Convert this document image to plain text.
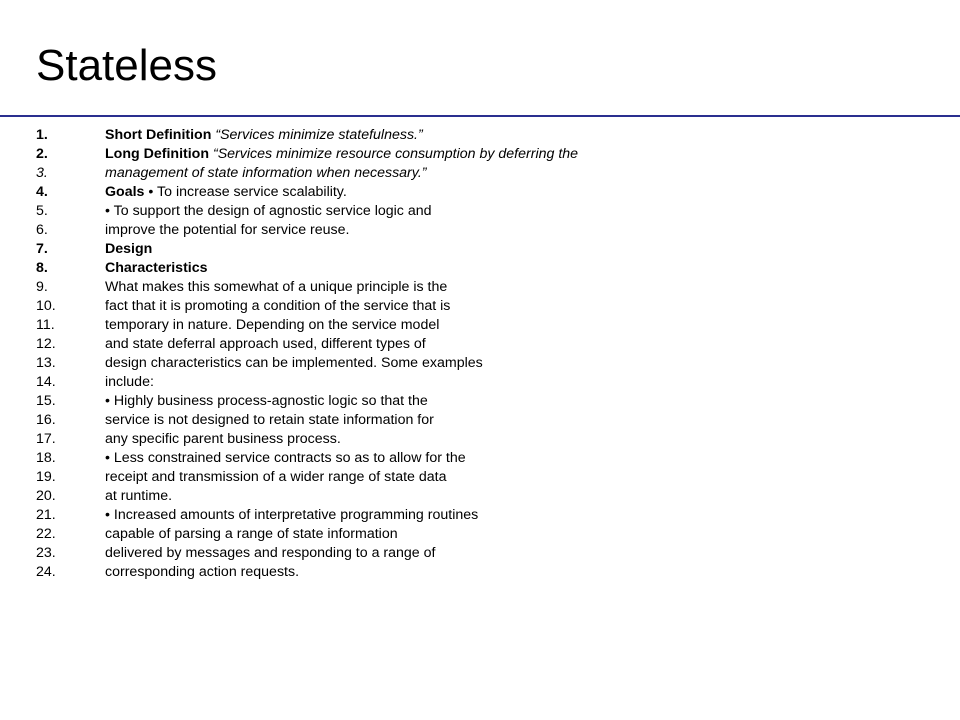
Stateless
1.	Short Definition “Services minimize statefulness.”
2.	Long Definition “Services minimize resource consumption by deferring the
3.	management of state information when necessary.”
4.	Goals • To increase service scalability.
5.	• To support the design of agnostic service logic and
6.	improve the potential for service reuse.
7.	Design
8.	Characteristics
9.	What makes this somewhat of a unique principle is the
10.	fact that it is promoting a condition of the service that is
11.	temporary in nature. Depending on the service model
12.	and state deferral approach used, different types of
13.	design characteristics can be implemented. Some examples
14.	include:
15.	• Highly business process-agnostic logic so that the
16.	service is not designed to retain state information for
17.	any specific parent business process.
18.	• Less constrained service contracts so as to allow for the
19.	receipt and transmission of a wider range of state data
20.	at runtime.
21.	• Increased amounts of interpretative programming routines
22.	capable of parsing a range of state information
23.	delivered by messages and responding to a range of
24.	corresponding action requests.
